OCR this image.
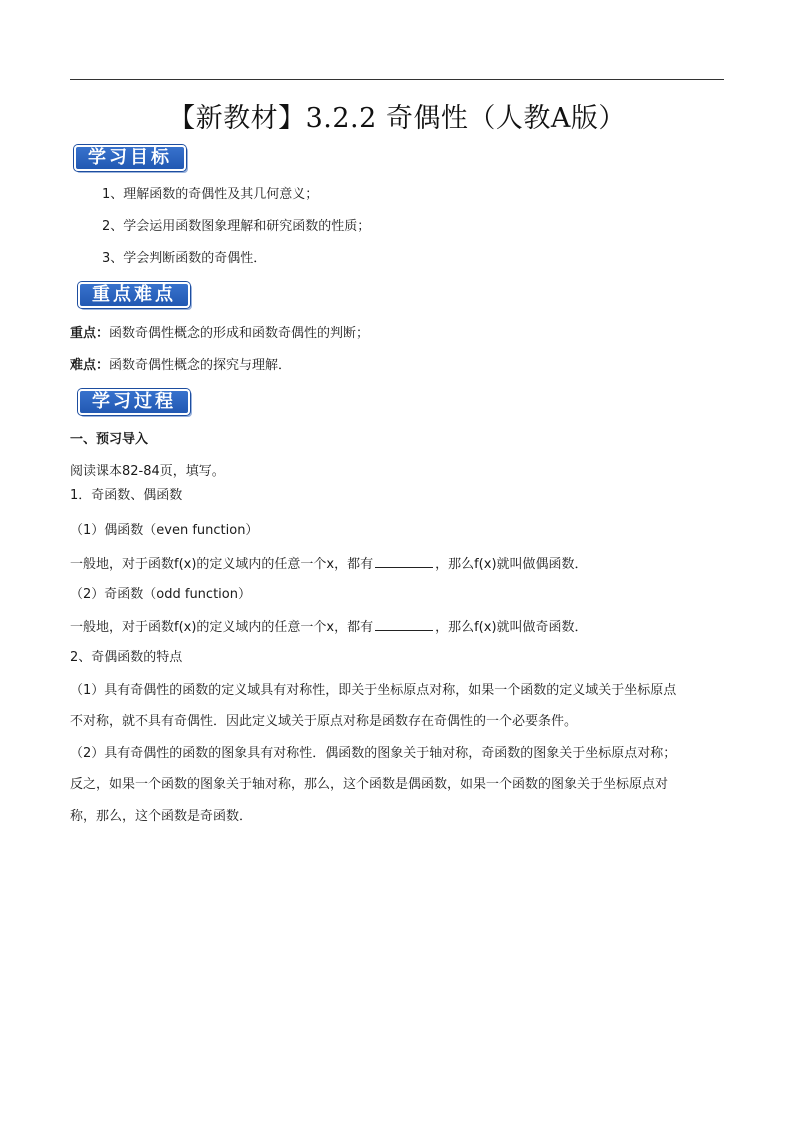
【新教材】3.2.2 奇偶性（人教A版）
学习目标
1、理解函数的奇偶性及其几何意义；
2、学会运用函数图象理解和研究函数的性质；
3、学会判断函数的奇偶性．
重点难点
重点：函数奇偶性概念的形成和函数奇偶性的判断；
难点：函数奇偶性概念的探究与理解．
学习过程
一、预习导入
阅读课本82-84页，填写。
1．奇函数、偶函数
（1）偶函数（even function）
一般地，对于函数f(x)的定义域内的任意一个x，都有	，那么f(x)就叫做偶函数．
（2）奇函数（odd function）
一般地，对于函数f(x)的定义域内的任意一个x，都有	，那么f(x)就叫做奇函数．
2、奇偶函数的特点
（1）具有奇偶性的函数的定义域具有对称性，即关于坐标原点对称，如果一个函数的定义域关于坐标原点
不对称，就不具有奇偶性．因此定义域关于原点对称是函数存在奇偶性的一个必要条件。
（2）具有奇偶性的函数的图象具有对称性．偶函数的图象关于轴对称，奇函数的图象关于坐标原点对称；
反之，如果一个函数的图象关于轴对称，那么，这个函数是偶函数，如果一个函数的图象关于坐标原点对
称，那么，这个函数是奇函数．
